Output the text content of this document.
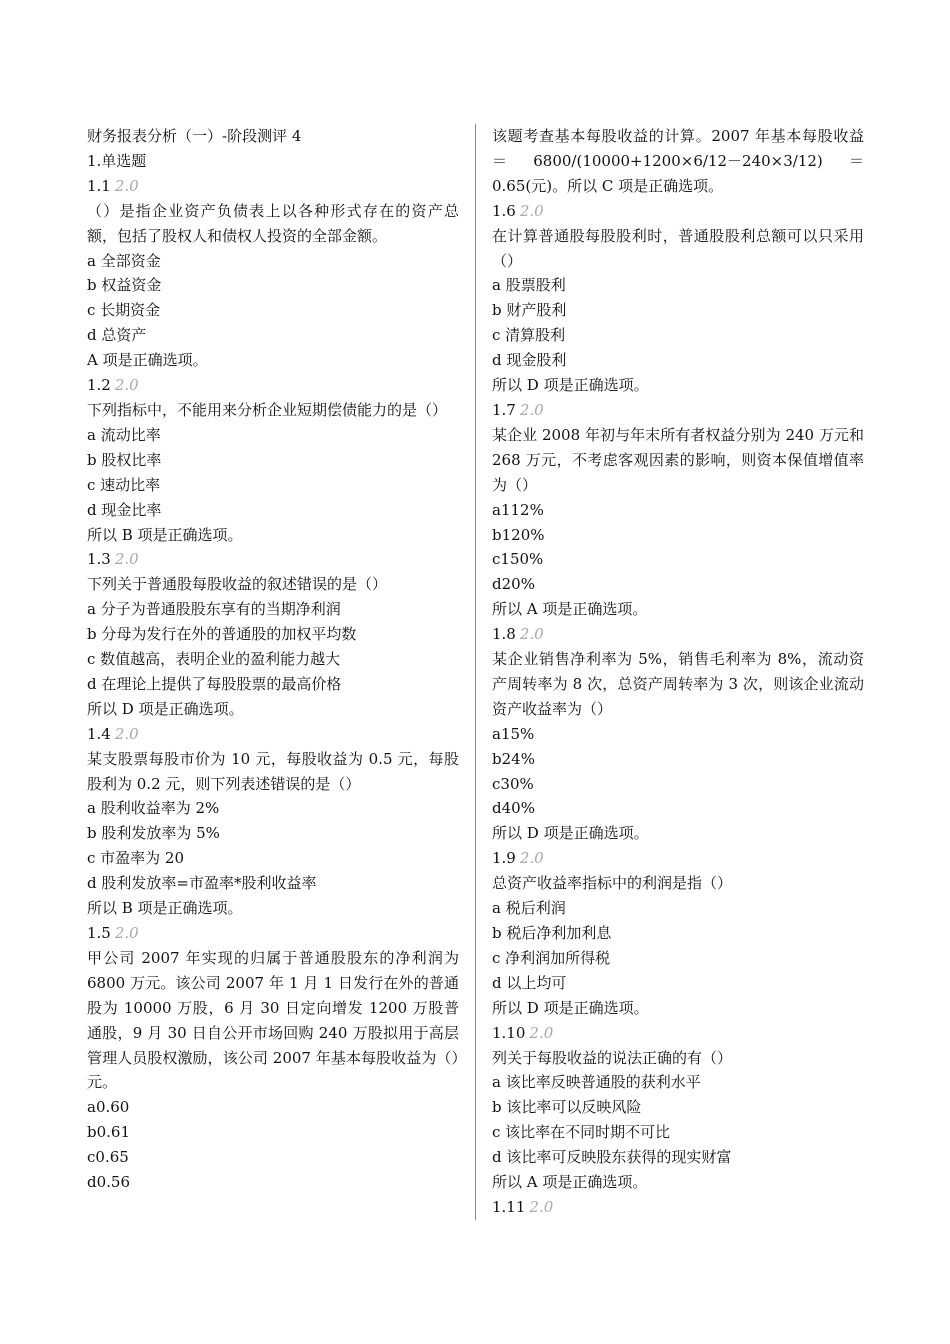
财务报表分析（一）-阶段测评 4
1.单选题
1.1 2.0
（）是指企业资产负债表上以各种形式存在的资产总额，包括了股权人和债权人投资的全部金额。
a 全部资金
b 权益资金
c 长期资金
d 总资产
A 项是正确选项。
1.2 2.0
下列指标中，不能用来分析企业短期偿债能力的是（）
a 流动比率
b 股权比率
c 速动比率
d 现金比率
所以 B 项是正确选项。
1.3 2.0
下列关于普通股每股收益的叙述错误的是（）
a 分子为普通股股东享有的当期净利润
b 分母为发行在外的普通股的加权平均数
c 数值越高，表明企业的盈利能力越大
d 在理论上提供了每股股票的最高价格
所以 D 项是正确选项。
1.4 2.0
某支股票每股市价为 10 元，每股收益为 0.5 元，每股股利为 0.2 元，则下列表述错误的是（）
a 股利收益率为 2%
b 股利发放率为 5%
c 市盈率为 20
d 股利发放率=市盈率*股利收益率
所以 B 项是正确选项。
1.5 2.0
甲公司 2007 年实现的归属于普通股股东的净利润为 6800 万元。该公司 2007 年 1 月 1 日发行在外的普通股为 10000 万股，6 月 30 日定向增发 1200 万股普通股，9 月 30 日自公开市场回购 240 万股拟用于高层管理人员股权激励，该公司 2007 年基本每股收益为（）元。
a0.60
b0.61
c0.65
d0.56
该题考查基本每股收益的计算。2007 年基本每股收益＝6800/(10000+1200×6/12－240×3/12)＝0.65(元)。所以 C 项是正确选项。
1.6 2.0
在计算普通股每股股利时，普通股股利总额可以只采用（）
a 股票股利
b 财产股利
c 清算股利
d 现金股利
所以 D 项是正确选项。
1.7 2.0
某企业 2008 年初与年末所有者权益分别为 240 万元和 268 万元，不考虑客观因素的影响，则资本保值增值率为（）
a112%
b120%
c150%
d20%
所以 A 项是正确选项。
1.8 2.0
某企业销售净利率为 5%，销售毛利率为 8%，流动资产周转率为 8 次，总资产周转率为 3 次，则该企业流动资产收益率为（）
a15%
b24%
c30%
d40%
所以 D 项是正确选项。
1.9 2.0
总资产收益率指标中的利润是指（）
a 税后利润
b 税后净利加利息
c 净利润加所得税
d 以上均可
所以 D 项是正确选项。
1.10 2.0
列关于每股收益的说法正确的有（）
a 该比率反映普通股的获利水平
b 该比率可以反映风险
c 该比率在不同时期不可比
d 该比率可反映股东获得的现实财富
所以 A 项是正确选项。
1.11 2.0
